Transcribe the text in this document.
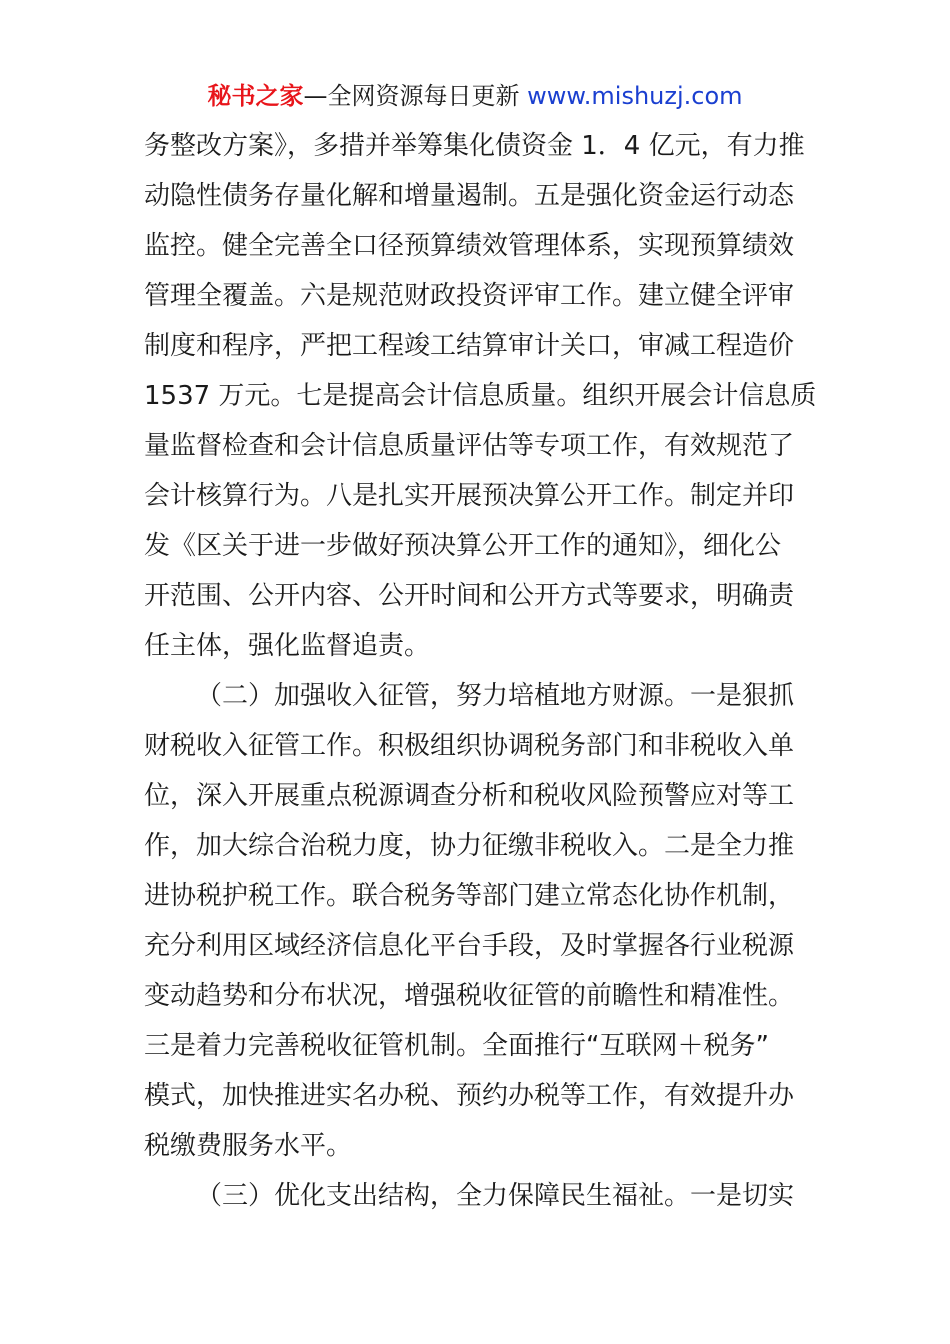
秘书之家—全网资源每日更新 www.mishuzj.com
务整改方案》，多措并举筹集化债资金 1．4 亿元，有力推
动隐性债务存量化解和增量遏制。五是强化资金运行动态
监控。健全完善全口径预算绩效管理体系，实现预算绩效
管理全覆盖。六是规范财政投资评审工作。建立健全评审
制度和程序，严把工程竣工结算审计关口，审减工程造价
1537 万元。七是提高会计信息质量。组织开展会计信息质
量监督检查和会计信息质量评估等专项工作，有效规范了
会计核算行为。八是扎实开展预决算公开工作。制定并印
发《区关于进一步做好预决算公开工作的通知》，细化公
开范围、公开内容、公开时间和公开方式等要求，明确责
任主体，强化监督追责。
（二）加强收入征管，努力培植地方财源。一是狠抓
财税收入征管工作。积极组织协调税务部门和非税收入单
位，深入开展重点税源调查分析和税收风险预警应对等工
作，加大综合治税力度，协力征缴非税收入。二是全力推
进协税护税工作。联合税务等部门建立常态化协作机制，
充分利用区域经济信息化平台手段，及时掌握各行业税源
变动趋势和分布状况，增强税收征管的前瞻性和精准性。
三是着力完善税收征管机制。全面推行“互联网＋税务”
模式，加快推进实名办税、预约办税等工作，有效提升办
税缴费服务水平。
（三）优化支出结构，全力保障民生福祉。一是切实
